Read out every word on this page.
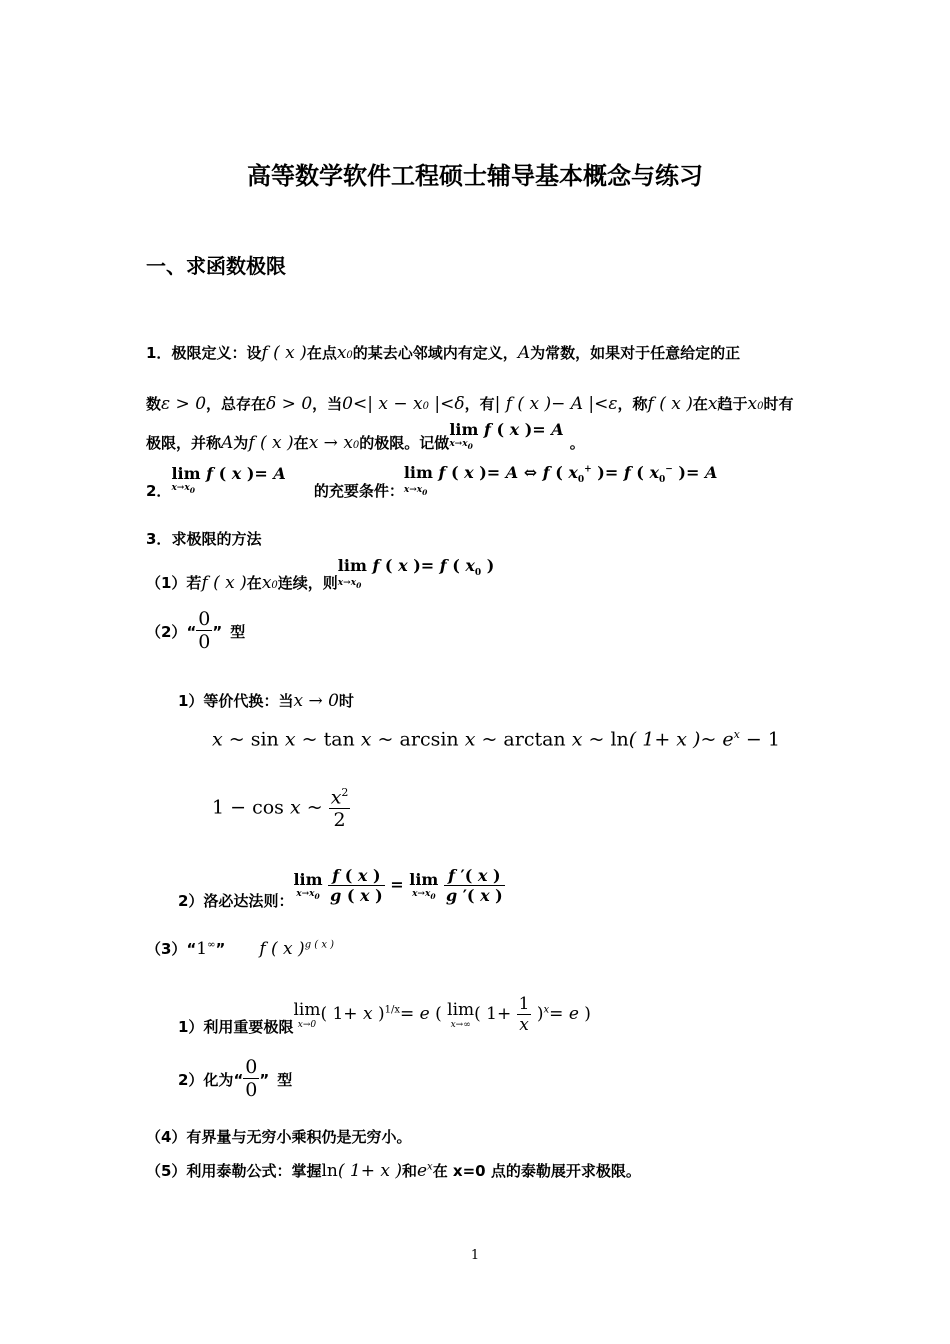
高等数学软件工程硕士辅导基本概念与练习
一、求函数极限
1．极限定义：设f ( x )在点x0的某去心邻域内有定义，A为常数，如果对于任意给定的正
数ε > 0，总存在δ > 0，当0<| x − x0 |<δ，有| f ( x )− A |<ε，称f ( x )在x趋于x0时有
极限，并称A为f ( x )在x → x0的极限。记做
lim f ( x )= A
$x\to x_0$	。
2．
lim f ( x )= A
$x\to x_0$	的充要条件：
lim f ( x )= A ⇔ f ( $x_0^+$ )= f ( $x_0^-$ )= A
$x\to x_0$
3．求极限的方法
（1）若f ( x )在x0连续，则
lim f ( x )= f ( $x_0$ )
$x\to x_0$
（2）“ $\frac{0}{0}$ ” 型
1）等价代换：当x → 0时
x ~ sin x ~ tan x ~ arcsin x ~ arctan x ~ ln( 1+ x )~ $e^x - 1$
1 − cos x ~ $\frac{x^2}{2}$
2）洛必达法则：
lim
$x\to x_0$
$\frac{f ( x )}{g ( x )} = \lim$
$x\to x_0$
$\frac{f '( x )}{g '( x )}$
（3）“1∞” f ( x )$^{g ( x )}$
1）利用重要极限
lim
x→0
( 1+ x )$^{1/x}$= e ( lim
x→∞
( $1+ \frac{1}{x} )^x= e$ )
2）化为“ $\frac{0}{0}$ ” 型
（4）有界量与无穷小乘积仍是无穷小。
（5）利用泰勒公式：掌握ln( 1+ x )和$e^x$在 x=0 点的泰勒展开求极限。
1
